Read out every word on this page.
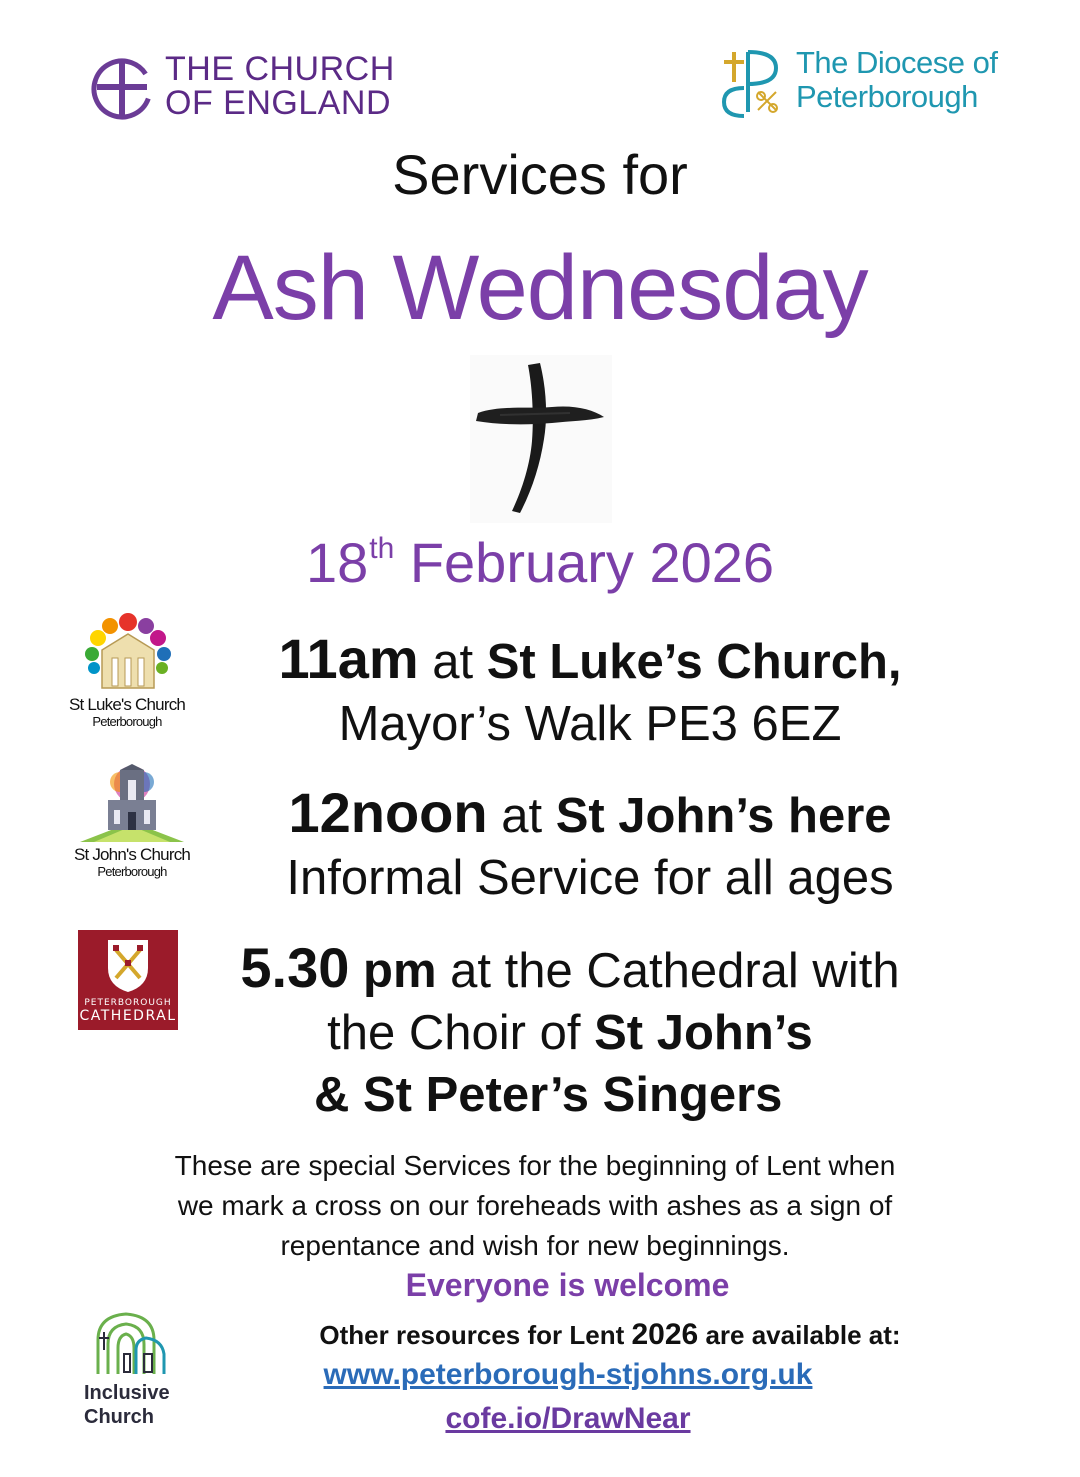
THE CHURCH
OF ENGLAND
The Diocese of
Peterborough
Services for
Ash Wednesday
18th February 2026
St Luke's Church
Peterborough
11am at St Luke’s Church,
Mayor’s Walk PE3 6EZ
St John's Church
Peterborough
12noon at St John’s here
Informal Service for all ages
PETERBOROUGH
CATHEDRAL
5.30 pm at the Cathedral with
the Choir of St John’s
& St Peter’s Singers
These are special Services for the beginning of Lent when
we mark a cross on our foreheads with ashes as a sign of
repentance and wish for new beginnings.
Everyone is welcome
Other resources for Lent 2026 are available at:
www.peterborough-stjohns.org.uk
cofe.io/DrawNear
Inclusive
Church
